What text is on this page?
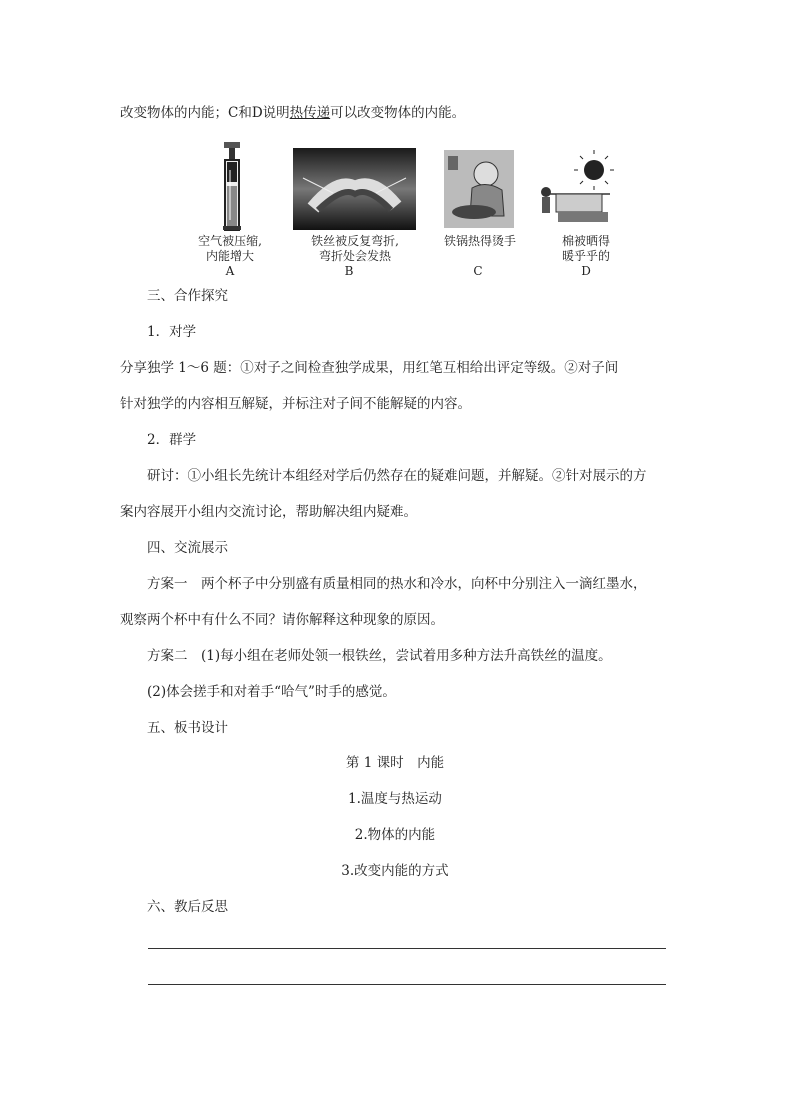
改变物体的内能；C和D说明热传递可以改变物体的内能。
空气被压缩,
内能增大
A
铁丝被反复弯折,
弯折处会发热
B
铁锅热得烫手
C
棉被晒得
暖乎乎的
D
三、合作探究
1．对学
分享独学 1～6 题：①对子之间检查独学成果，用红笔互相给出评定等级。②对子间
针对独学的内容相互解疑，并标注对子间不能解疑的内容。
2．群学
研讨：①小组长先统计本组经对学后仍然存在的疑难问题，并解疑。②针对展示的方
案内容展开小组内交流讨论，帮助解决组内疑难。
四、交流展示
方案一　两个杯子中分别盛有质量相同的热水和冷水，向杯中分别注入一滴红墨水，
观察两个杯中有什么不同？请你解释这种现象的原因。
方案二　(1)每小组在老师处领一根铁丝，尝试着用多种方法升高铁丝的温度。
(2)体会搓手和对着手“哈气”时手的感觉。
五、板书设计
第 1 课时　内能
1.温度与热运动
2.物体的内能
3.改变内能的方式
六、教后反思
